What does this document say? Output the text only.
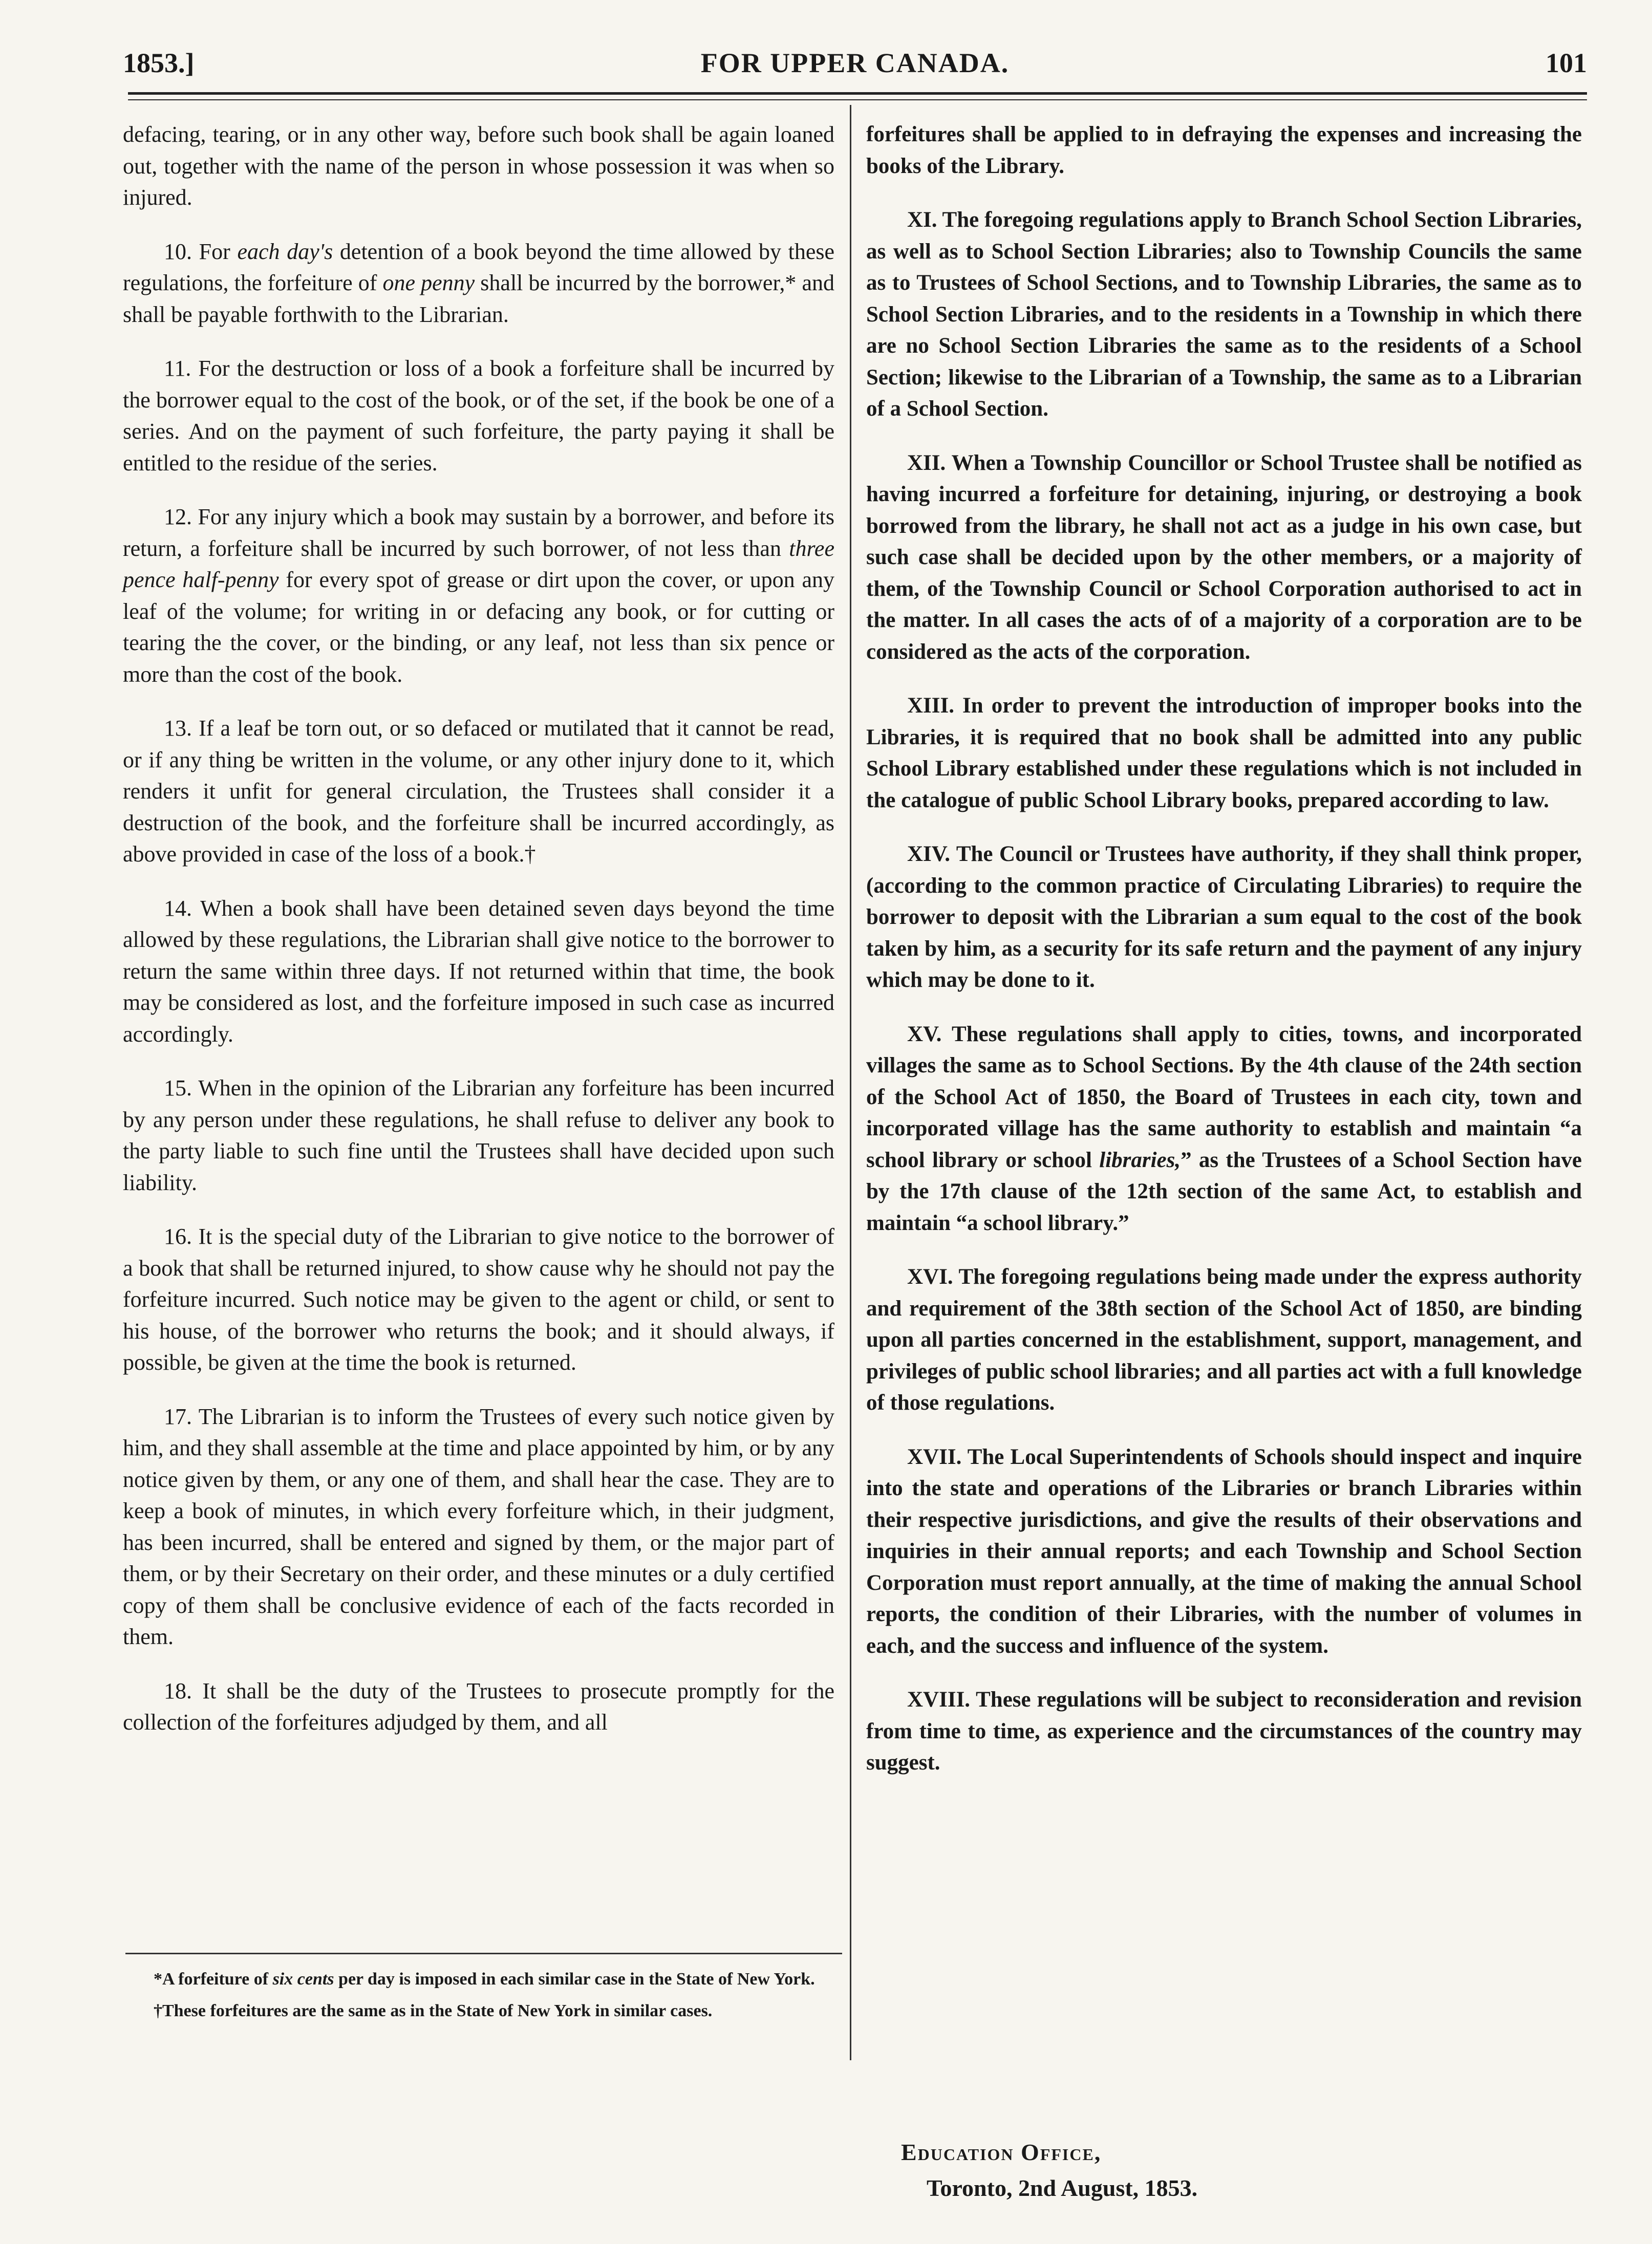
1853.]	FOR UPPER CANADA.	101

defacing, tearing, or in any other way, before such book shall be again loaned out, together with the name of the person in whose possession it was when so injured.

10. For each day's detention of a book beyond the time allowed by these regulations, the forfeiture of one penny shall be incurred by the borrower,* and shall be payable forthwith to the Librarian.

11. For the destruction or loss of a book a forfeiture shall be incurred by the borrower equal to the cost of the book, or of the set, if the book be one of a series. And on the payment of such forfeiture, the party paying it shall be entitled to the residue of the series.

12. For any injury which a book may sustain by a borrower, and before its return, a forfeiture shall be incurred by such borrower, of not less than three pence half-penny for every spot of grease or dirt upon the cover, or upon any leaf of the volume; for writing in or defacing any book, or for cutting or tearing the the cover, or the binding, or any leaf, not less than six pence or more than the cost of the book.

13. If a leaf be torn out, or so defaced or mutilated that it cannot be read, or if any thing be written in the volume, or any other injury done to it, which renders it unfit for general circulation, the Trustees shall consider it a destruction of the book, and the forfeiture shall be incurred accordingly, as above provided in case of the loss of a book.†

14. When a book shall have been detained seven days beyond the time allowed by these regulations, the Librarian shall give notice to the borrower to return the same within three days. If not returned within that time, the book may be considered as lost, and the forfeiture imposed in such case as incurred accordingly.

15. When in the opinion of the Librarian any forfeiture has been incurred by any person under these regulations, he shall refuse to deliver any book to the party liable to such fine until the Trustees shall have decided upon such liability.

16. It is the special duty of the Librarian to give notice to the borrower of a book that shall be returned injured, to show cause why he should not pay the forfeiture incurred. Such notice may be given to the agent or child, or sent to his house, of the borrower who returns the book; and it should always, if possible, be given at the time the book is returned.

17. The Librarian is to inform the Trustees of every such notice given by him, and they shall assemble at the time and place appointed by him, or by any notice given by them, or any one of them, and shall hear the case. They are to keep a book of minutes, in which every forfeiture which, in their judgment, has been incurred, shall be entered and signed by them, or the major part of them, or by their Secretary on their order, and these minutes or a duly certified copy of them shall be conclusive evidence of each of the facts recorded in them.

18. It shall be the duty of the Trustees to prosecute promptly for the collection of the forfeitures adjudged by them, and all

*A forfeiture of six cents per day is imposed in each similar case in the State of New York.

†These forfeitures are the same as in the State of New York in similar cases.

forfeitures shall be applied to in defraying the expenses and increasing the books of the Library.

XI. The foregoing regulations apply to Branch School Section Libraries, as well as to School Section Libraries; also to Township Councils the same as to Trustees of School Sections, and to Township Libraries, the same as to School Section Libraries, and to the residents in a Township in which there are no School Section Libraries the same as to the residents of a School Section; likewise to the Librarian of a Township, the same as to a Librarian of a School Section.

XII. When a Township Councillor or School Trustee shall be notified as having incurred a forfeiture for detaining, injuring, or destroying a book borrowed from the library, he shall not act as a judge in his own case, but such case shall be decided upon by the other members, or a majority of them, of the Township Council or School Corporation authorised to act in the matter. In all cases the acts of of a majority of a corporation are to be considered as the acts of the corporation.

XIII. In order to prevent the introduction of improper books into the Libraries, it is required that no book shall be admitted into any public School Library established under these regulations which is not included in the catalogue of public School Library books, prepared according to law.

XIV. The Council or Trustees have authority, if they shall think proper, (according to the common practice of Circulating Libraries) to require the borrower to deposit with the Librarian a sum equal to the cost of the book taken by him, as a security for its safe return and the payment of any injury which may be done to it.

XV. These regulations shall apply to cities, towns, and incorporated villages the same as to School Sections. By the 4th clause of the 24th section of the School Act of 1850, the Board of Trustees in each city, town and incorporated village has the same authority to establish and maintain “a school library or school libraries,” as the Trustees of a School Section have by the 17th clause of the 12th section of the same Act, to establish and maintain “a school library.”

XVI. The foregoing regulations being made under the express authority and requirement of the 38th section of the School Act of 1850, are binding upon all parties concerned in the establishment, support, management, and privileges of public school libraries; and all parties act with a full knowledge of those regulations.

XVII. The Local Superintendents of Schools should inspect and inquire into the state and operations of the Libraries or branch Libraries within their respective jurisdictions, and give the results of their observations and inquiries in their annual reports; and each Township and School Section Corporation must report annually, at the time of making the annual School reports, the condition of their Libraries, with the number of volumes in each, and the success and influence of the system.

XVIII. These regulations will be subject to reconsideration and revision from time to time, as experience and the circumstances of the country may suggest.

Education Office,
Toronto, 2nd August, 1853.
